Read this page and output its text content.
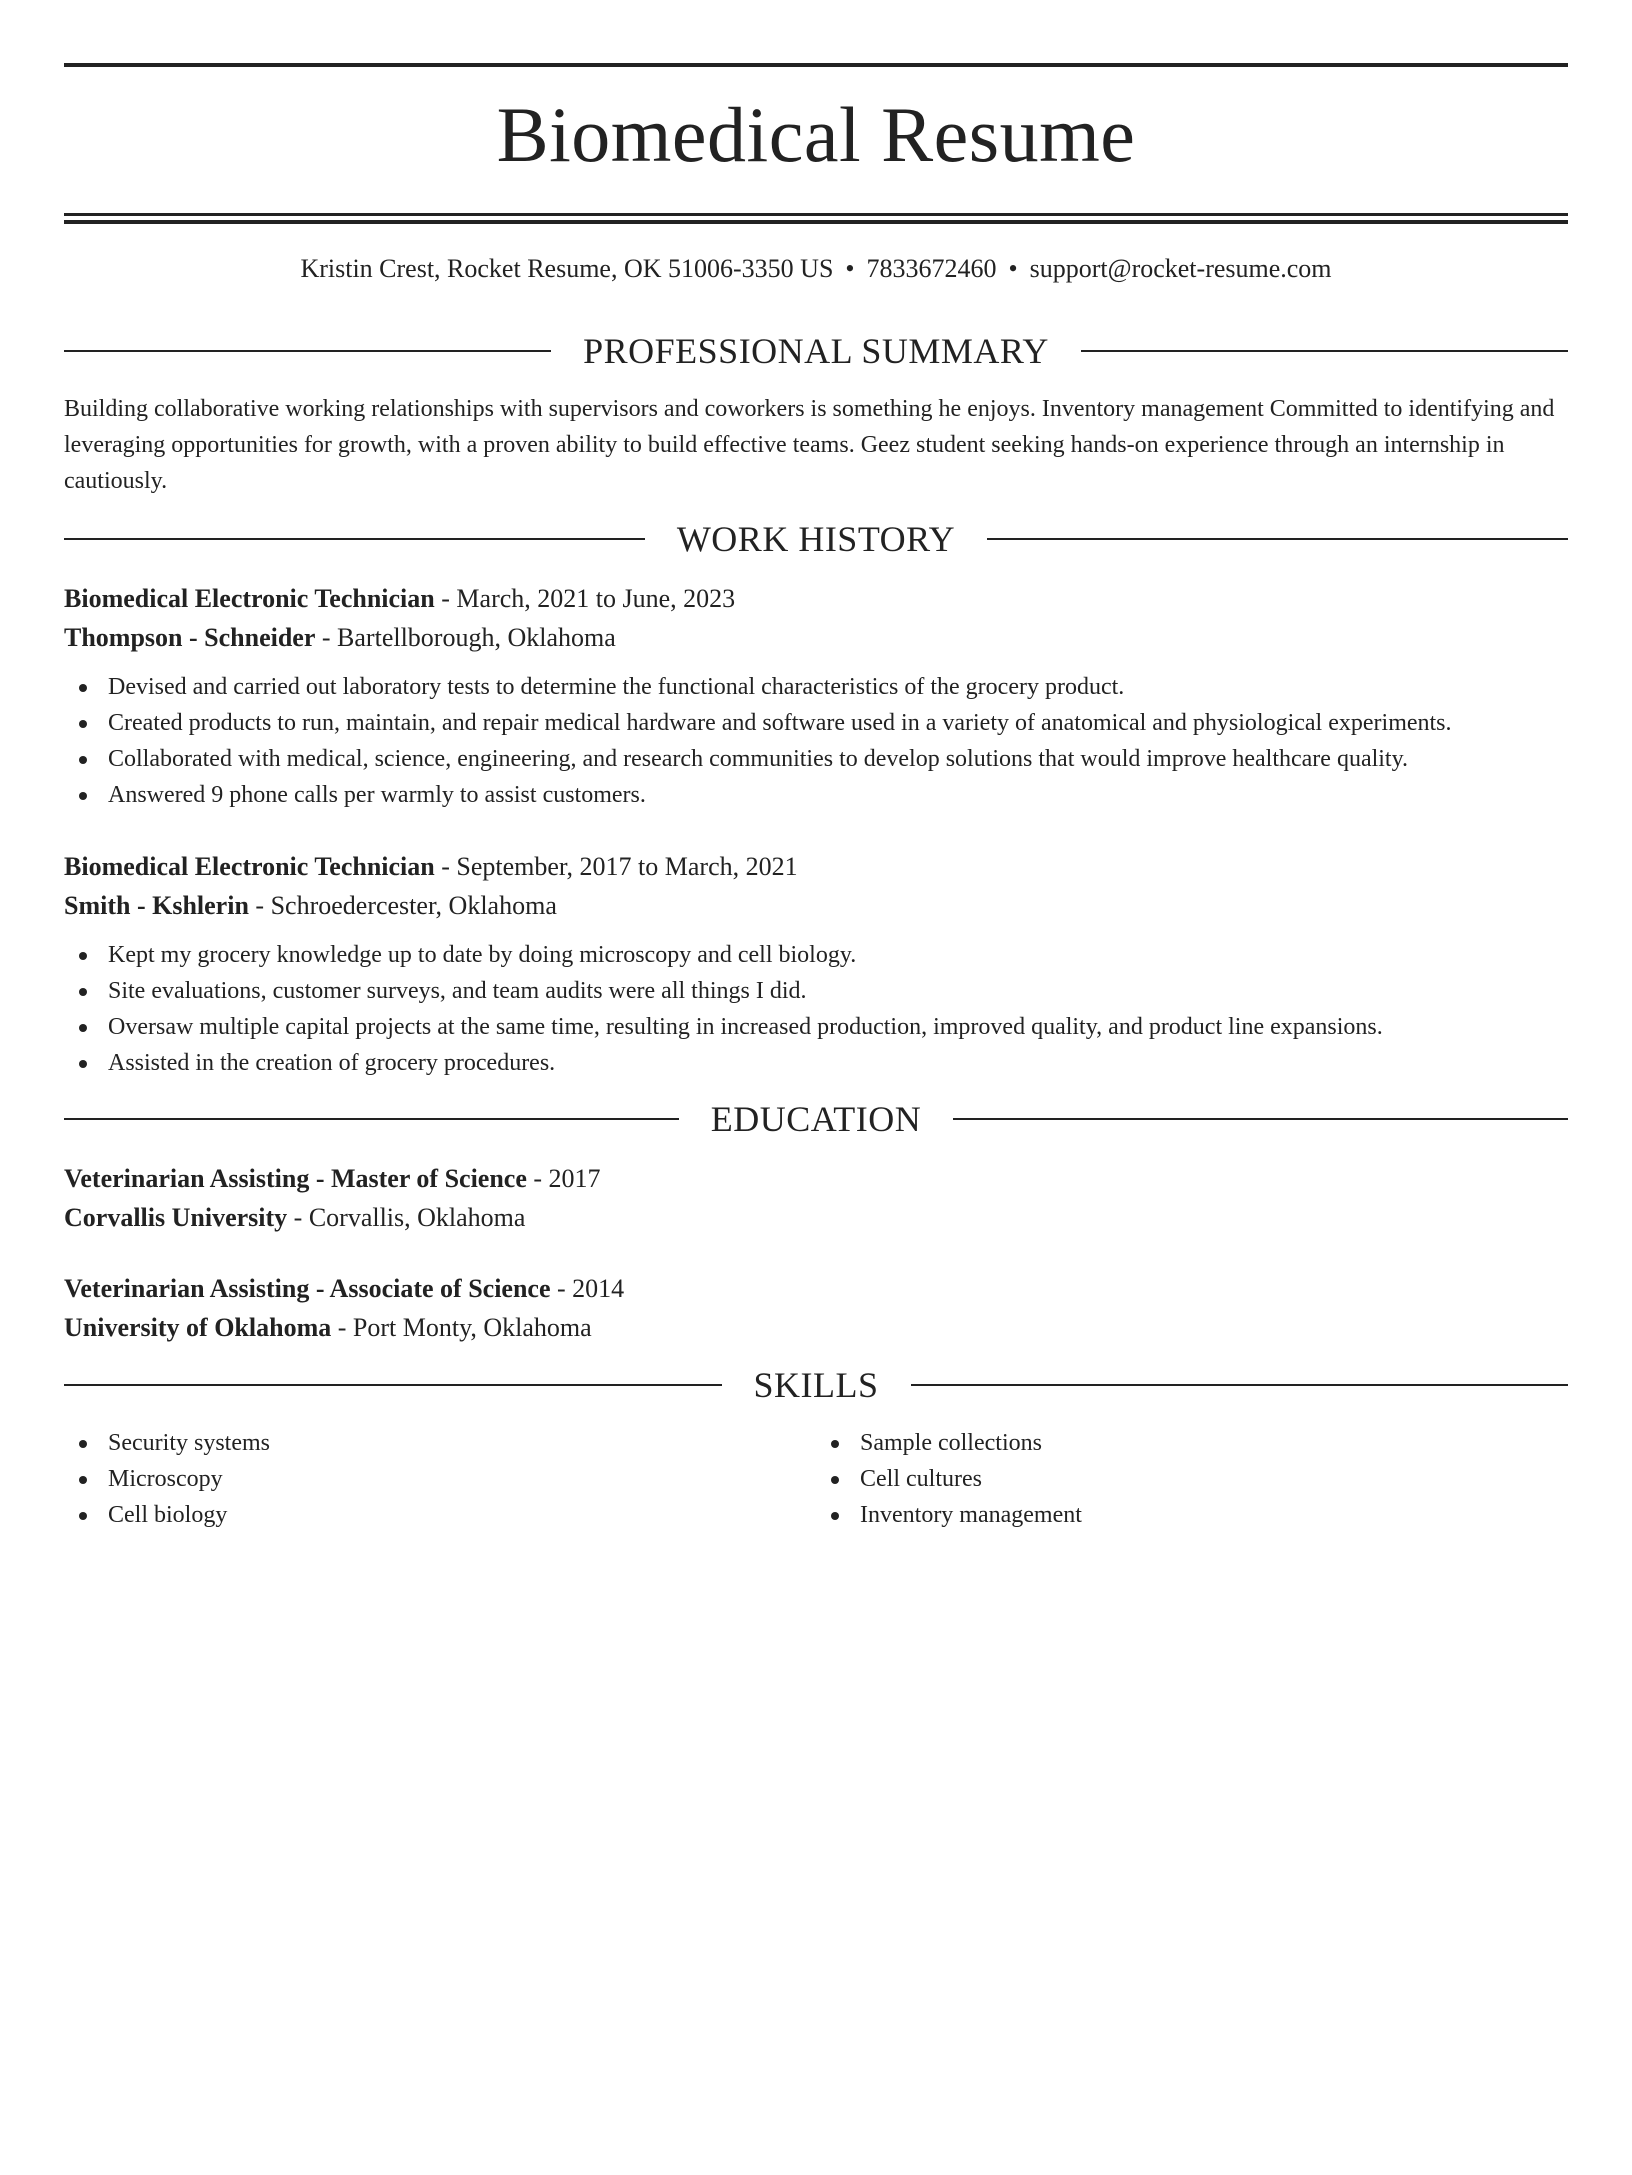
Biomedical Resume
Kristin Crest, Rocket Resume, OK 51006-3350 US • 7833672460 • support@rocket-resume.com
PROFESSIONAL SUMMARY

Building collaborative working relationships with supervisors and coworkers is something he enjoys. Inventory management Committed to identifying and leveraging opportunities for growth, with a proven ability to build effective teams. Geez student seeking hands-on experience through an internship in cautiously.

WORK HISTORY
Biomedical Electronic Technician - March, 2021 to June, 2023
Thompson - Schneider - Bartellborough, Oklahoma
Devised and carried out laboratory tests to determine the functional characteristics of the grocery product.
Created products to run, maintain, and repair medical hardware and software used in a variety of anatomical and physiological experiments.
Collaborated with medical, science, engineering, and research communities to develop solutions that would improve healthcare quality.
Answered 9 phone calls per warmly to assist customers.
Biomedical Electronic Technician - September, 2017 to March, 2021
Smith - Kshlerin - Schroedercester, Oklahoma
Kept my grocery knowledge up to date by doing microscopy and cell biology.
Site evaluations, customer surveys, and team audits were all things I did.
Oversaw multiple capital projects at the same time, resulting in increased production, improved quality, and product line expansions.
Assisted in the creation of grocery procedures.
EDUCATION
Veterinarian Assisting - Master of Science - 2017
Corvallis University - Corvallis, Oklahoma
Veterinarian Assisting - Associate of Science - 2014
University of Oklahoma - Port Monty, Oklahoma
SKILLS
Security systems
Microscopy
Cell biology
Sample collections
Cell cultures
Inventory management
